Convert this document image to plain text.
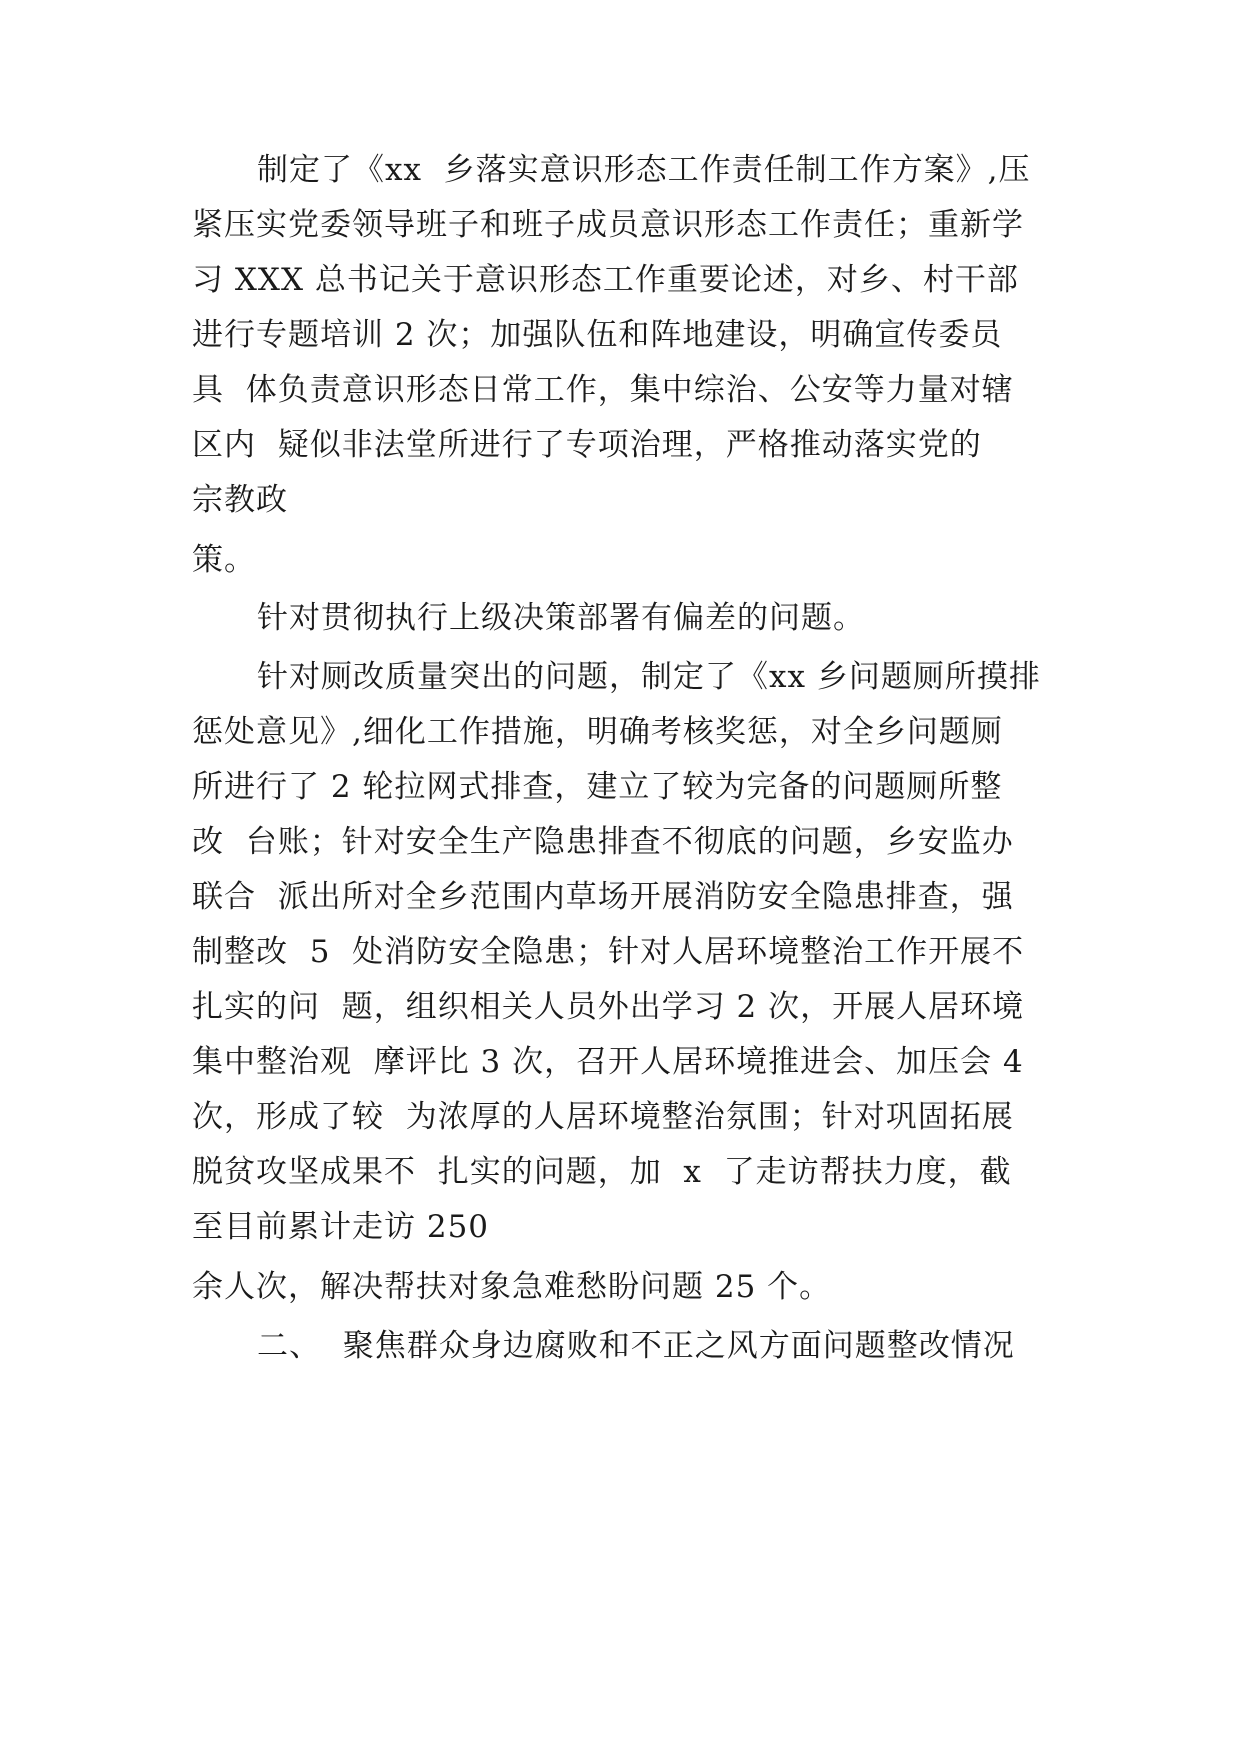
制定了《xx  乡落实意识形态工作责任制工作方案》,压
紧压实党委领导班子和班子成员意识形态工作责任；重新学
习 XXX 总书记关于意识形态工作重要论述，对乡、村干部
进行专题培训 2 次；加强队伍和阵地建设，明确宣传委员
具  体负责意识形态日常工作，集中综治、公安等力量对辖
区内  疑似非法堂所进行了专项治理，严格推动落实党的
宗教政
策。
针对贯彻执行上级决策部署有偏差的问题。
针对厕改质量突出的问题，制定了《xx 乡问题厕所摸排
惩处意见》,细化工作措施，明确考核奖惩，对全乡问题厕
所进行了 2 轮拉网式排查，建立了较为完备的问题厕所整
改  台账；针对安全生产隐患排查不彻底的问题，乡安监办
联合  派出所对全乡范围内草场开展消防安全隐患排查，强
制整改  5  处消防安全隐患；针对人居环境整治工作开展不
扎实的问  题，组织相关人员外出学习 2 次，开展人居环境
集中整治观  摩评比 3 次，召开人居环境推进会、加压会 4
次，形成了较  为浓厚的人居环境整治氛围；针对巩固拓展
脱贫攻坚成果不  扎实的问题，加  x  了走访帮扶力度，截
至目前累计走访 250
余人次，解决帮扶对象急难愁盼问题 25 个。
二、  聚焦群众身边腐败和不正之风方面问题整改情况
